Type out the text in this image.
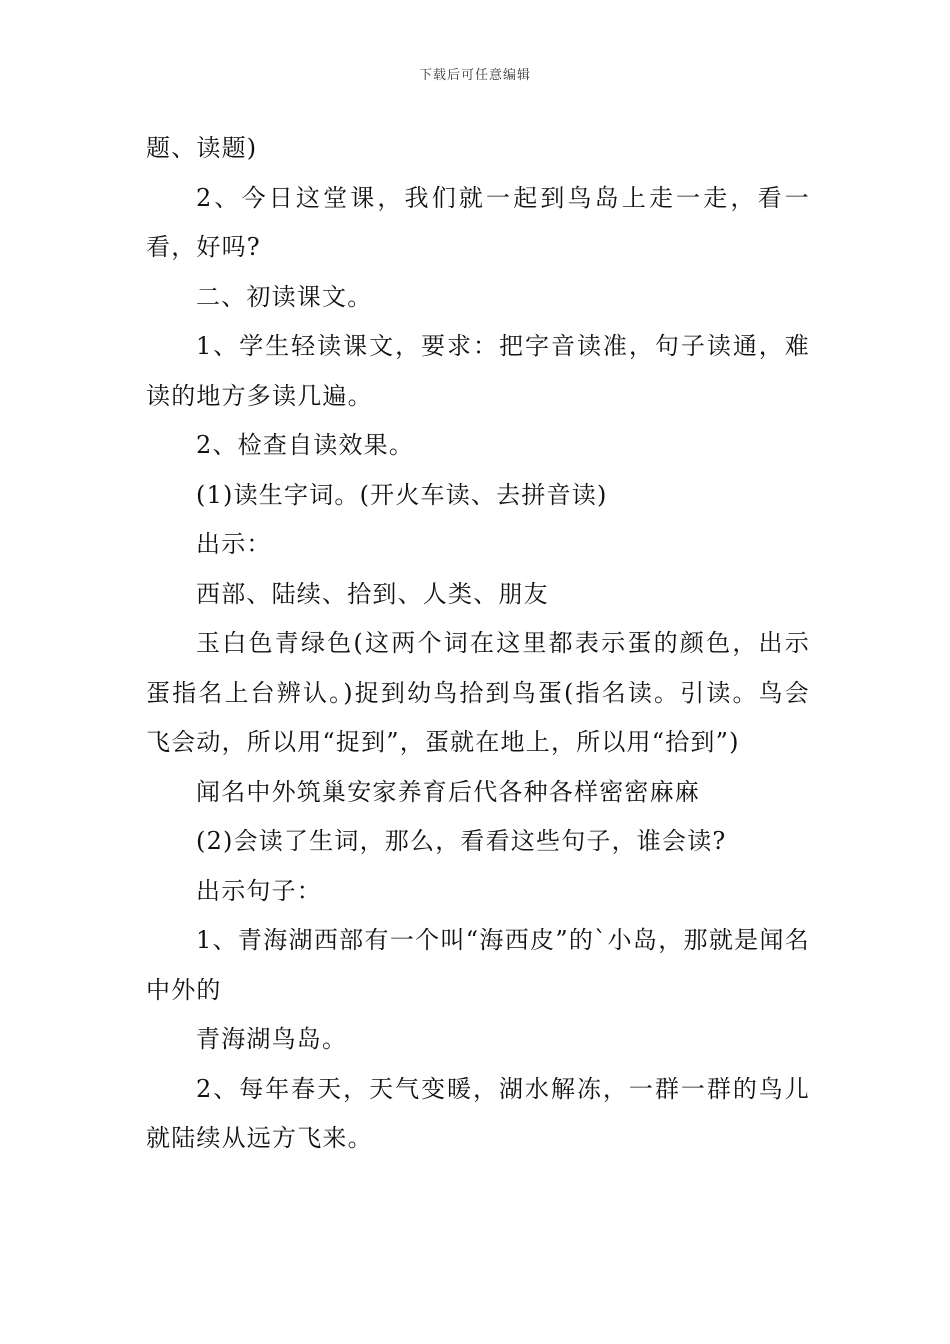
下载后可任意编辑

题、读题)

2、今日这堂课，我们就一起到鸟岛上走一走，看一看，好吗?

二、初读课文。

1、学生轻读课文，要求：把字音读准，句子读通，难读的地方多读几遍。

2、检查自读效果。

(1)读生字词。(开火车读、去拼音读)

出示：

西部、陆续、拾到、人类、朋友

玉白色青绿色(这两个词在这里都表示蛋的颜色，出示蛋指名上台辨认。)捉到幼鸟拾到鸟蛋(指名读。引读。鸟会飞会动，所以用“捉到”，蛋就在地上，所以用“拾到”)

闻名中外筑巢安家养育后代各种各样密密麻麻

(2)会读了生词，那么，看看这些句子，谁会读?

出示句子：

1、青海湖西部有一个叫“海西皮”的`小岛，那就是闻名中外的

青海湖鸟岛。

2、每年春天，天气变暖，湖水解冻，一群一群的鸟儿就陆续从远方飞来。
